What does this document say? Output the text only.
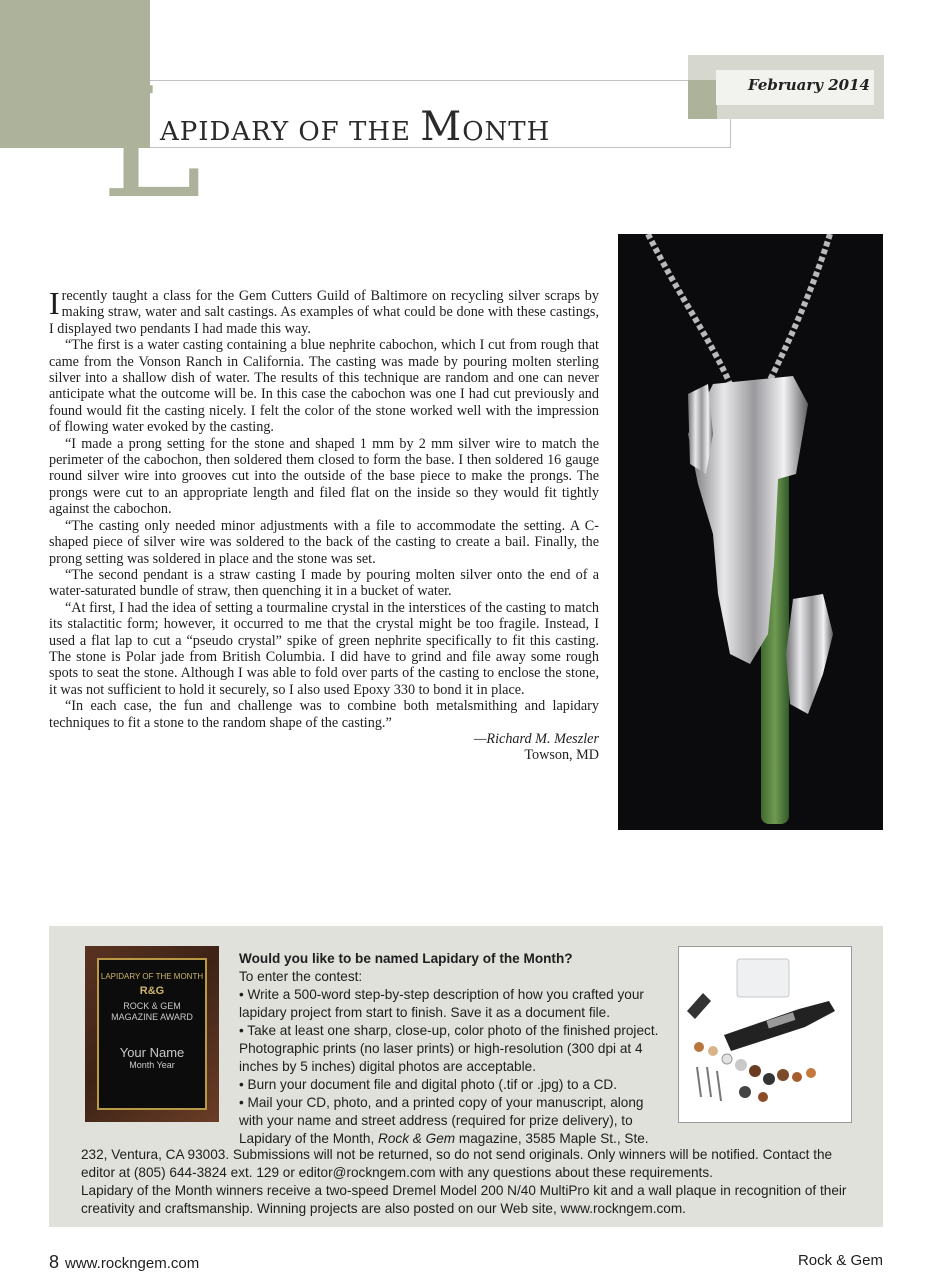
L
APIDARY OF THE MONTH
February 2014

I recently taught a class for the Gem Cutters Guild of Baltimore on recycling silver scraps by making straw, water and salt castings. As examples of what could be done with these castings, I displayed two pendants I had made this way.

“The first is a water casting containing a blue nephrite cabochon, which I cut from rough that came from the Vonson Ranch in California. The casting was made by pouring molten sterling silver into a shallow dish of water. The results of this technique are random and one can never anticipate what the outcome will be. In this case the cabochon was one I had cut previously and found would fit the casting nicely. I felt the color of the stone worked well with the impression of flowing water evoked by the casting.

“I made a prong setting for the stone and shaped 1 mm by 2 mm silver wire to match the perimeter of the cabochon, then soldered them closed to form the base. I then soldered 16 gauge round silver wire into grooves cut into the outside of the base piece to make the prongs. The prongs were cut to an appropriate length and filed flat on the inside so they would fit tightly against the cabochon.

“The casting only needed minor adjustments with a file to accommodate the setting. A C-shaped piece of silver wire was soldered to the back of the casting to create a bail. Finally, the prong setting was soldered in place and the stone was set.

“The second pendant is a straw casting I made by pouring molten silver onto the end of a water-saturated bundle of straw, then quenching it in a bucket of water.

“At first, I had the idea of setting a tourmaline crystal in the interstices of the casting to match its stalactitic form; however, it occurred to me that the crystal might be too fragile. Instead, I used a flat lap to cut a “pseudo crystal” spike of green nephrite specifically to fit this casting. The stone is Polar jade from British Columbia. I did have to grind and file away some rough spots to seat the stone. Although I was able to fold over parts of the casting to enclose the stone, it was not sufficient to hold it securely, so I also used Epoxy 330 to bond it in place.

“In each case, the fun and challenge was to combine both metalsmithing and lapidary techniques to fit a stone to the random shape of the casting.”

—Richard M. Meszler
Towson, MD
LAPIDARY OF THE MONTH
R&G
ROCK & GEM
MAGAZINE AWARD
Your Name
Month Year

Would you like to be named Lapidary of the Month?

To enter the contest:

• Write a 500-word step-by-step description of how you crafted your lapidary project from start to finish. Save it as a document file.

• Take at least one sharp, close-up, color photo of the finished project. Photographic prints (no laser prints) or high-resolution (300 dpi at 4 inches by 5 inches) digital photos are acceptable.

• Burn your document file and digital photo (.tif or .jpg) to a CD.

• Mail your CD, photo, and a printed copy of your manuscript, along with your name and street address (required for prize delivery), to Lapidary of the Month, Rock & Gem magazine, 3585 Maple St., Ste.

232, Ventura, CA 93003. Submissions will not be returned, so do not send originals. Only winners will be notified. Contact the editor at (805) 644-3824 ext. 129 or editor@rockngem.com with any questions about these requirements.

Lapidary of the Month winners receive a two-speed Dremel Model 200 N/40 MultiPro kit and a wall plaque in recognition of their creativity and craftsmanship. Winning projects are also posted on our Web site, www.rockngem.com.

8 www.rockngem.com	Rock & Gem
